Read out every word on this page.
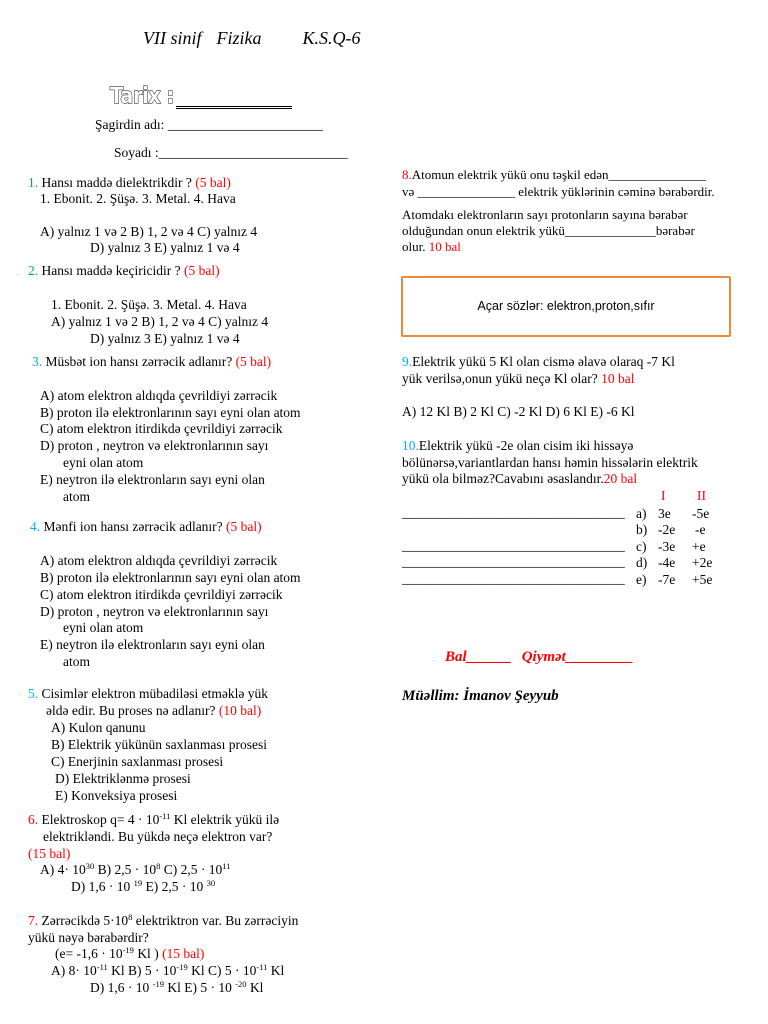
VII sinif Fizika K.S.Q-6
Tarix :
Şagirdin adı: _______________________
Soyadı :____________________________
1. Hansı maddə dielektrikdir ? (5 bal)
1. Ebonit. 2. Şüşə. 3. Metal. 4. Hava
A) yalnız 1 və 2 B) 1, 2 və 4 C) yalnız 4
D) yalnız 3 E) yalnız 1 və 4
2. Hansı maddə keçiricidir ? (5 bal)
1. Ebonit. 2. Şüşə. 3. Metal. 4. Hava
A) yalnız 1 və 2 B) 1, 2 və 4 C) yalnız 4
D) yalnız 3 E) yalnız 1 və 4
3. Müsbət ion hansı zərrəcik adlanır? (5 bal)
A) atom elektron aldıqda çevrildiyi zərrəcik
B) proton ilə elektronlarının sayı eyni olan atom
C) atom elektron itirdikdə çevrildiyi zərrəcik
D) proton , neytron və elektronlarının sayı
eyni olan atom
E) neytron ilə elektronların sayı eyni olan
atom
4. Mənfi ion hansı zərrəcik adlanır? (5 bal)
A) atom elektron aldıqda çevrildiyi zərrəcik
B) proton ilə elektronlarının sayı eyni olan atom
C) atom elektron itirdikdə çevrildiyi zərrəcik
D) proton , neytron və elektronlarının sayı
eyni olan atom
E) neytron ilə elektronların sayı eyni olan
atom
5. Cisimlər elektron mübadiləsi etməklə yük
əldə edir. Bu proses nə adlanır? (10 bal)
A) Kulon qanunu
B) Elektrik yükünün saxlanması prosesi
C) Enerjinin saxlanması prosesi
D) Elektriklənmə prosesi
E) Konveksiya prosesi
6. Elektroskop $q= 4 \cdot 10^{-11}$ Kl elektrik yükü ilə
elektrikləndi. Bu yükdə neçə elektron var?
(15 bal)
A) $4\cdot 10^{30}$ B) $2,5 \cdot 10^8$ C) $2,5 \cdot 10^{11}$
D) 1,6 · 10 $^{19}$ E) 2,5 · 10 $^{30}$
7. Zərrəcikdə $5\cdot 10^8$ elektriktron var. Bu zərrəciyin
yükü nəyə bərabərdir?
($e= -1,6 \cdot 10^{-19}$ Kl ) (15 bal)
A) $8\cdot 10^{-11}$ Kl B) $5 \cdot 10^{-19}$ Kl C) $5 \cdot 10^{-11}$ Kl
D) 1,6 · 10 $^{-19}$ Kl E) 5 · 10 $^{-20}$ Kl
8.Atomun elektrik yükü onu təşkil edən_______________
və _______________ elektrik yüklərinin cəminə bərabərdir.
Atomdakı elektronların sayı protonların sayına bərabər
olduğundan onun elektrik yükü______________bərabər
olur. 10 bal
Açar sözlər: elektron,proton,sıfır
9.Elektrik yükü 5 Kl olan cismə əlavə olaraq -7 Kl
yük verilsə,onun yükü neçə Kl olar? 10 bal
A) 12 Kl B) 2 Kl C) -2 Kl D) 6 Kl E) -6 Kl
10.Elektrik yükü -2e olan cisim iki hissəyə
bölünərsə,variantlardan hansı həmin hissələrin elektrik
yükü ola bilməz?Cavabını əsaslandır.20 bal
I II
_________________________________ a) 3e -5e
b) -2e -e
_________________________________ c) -3e +e
_________________________________ d) -4e +2e
_________________________________ e) -7e +5e
Bal______ Qiymət_________
Müəllim: İmanov Şeyyub
